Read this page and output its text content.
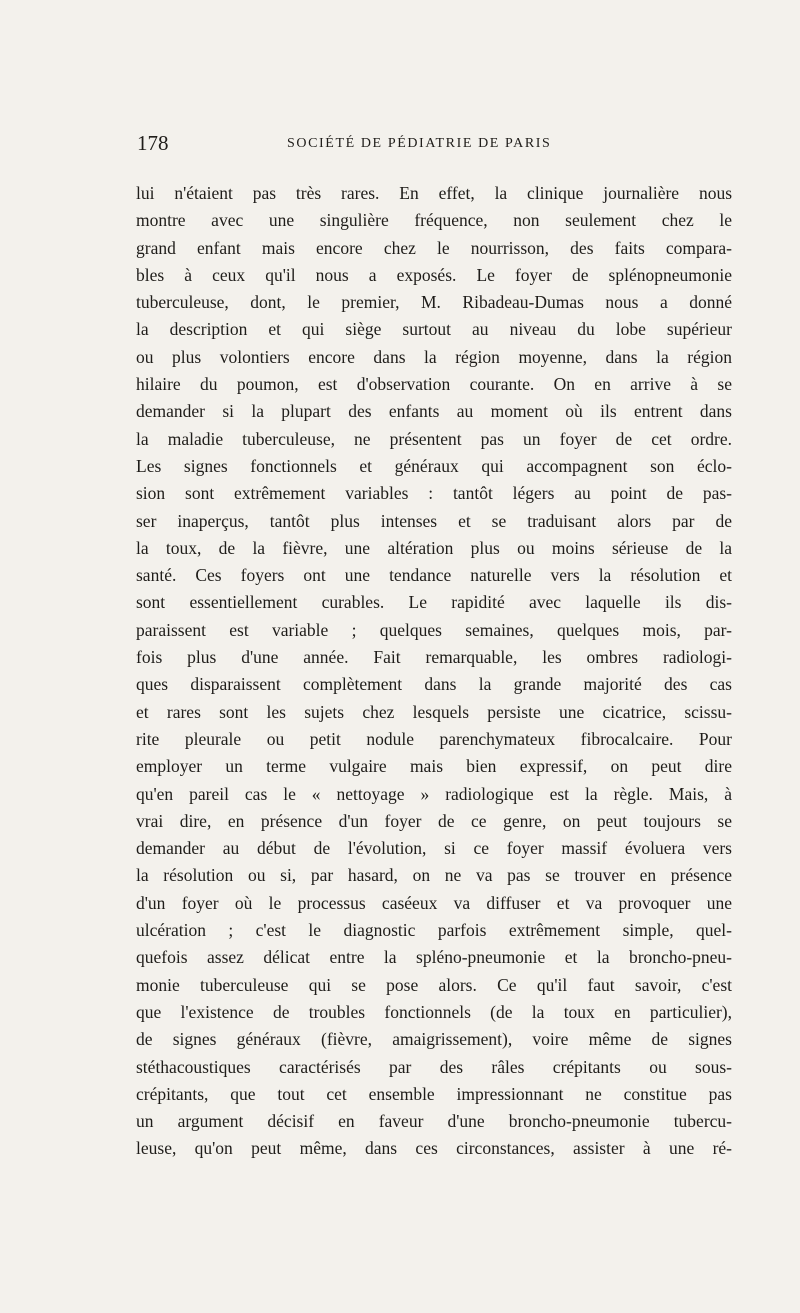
178	SOCIÉTÉ DE PÉDIATRIE DE PARIS
lui n'étaient pas très rares. En effet, la clinique journalière nous
montre avec une singulière fréquence, non seulement chez le
grand enfant mais encore chez le nourrisson, des faits compara-
bles à ceux qu'il nous a exposés. Le foyer de splénopneumonie
tuberculeuse, dont, le premier, M. Ribadeau-Dumas nous a donné
la description et qui siège surtout au niveau du lobe supérieur
ou plus volontiers encore dans la région moyenne, dans la région
hilaire du poumon, est d'observation courante. On en arrive à se
demander si la plupart des enfants au moment où ils entrent dans
la maladie tuberculeuse, ne présentent pas un foyer de cet ordre.
Les signes fonctionnels et généraux qui accompagnent son éclo-
sion sont extrêmement variables : tantôt légers au point de pas-
ser inaperçus, tantôt plus intenses et se traduisant alors par de
la toux, de la fièvre, une altération plus ou moins sérieuse de la
santé. Ces foyers ont une tendance naturelle vers la résolution et
sont essentiellement curables. Le rapidité avec laquelle ils dis-
paraissent est variable ; quelques semaines, quelques mois, par-
fois plus d'une année. Fait remarquable, les ombres radiologi-
ques disparaissent complètement dans la grande majorité des cas
et rares sont les sujets chez lesquels persiste une cicatrice, scissu-
rite pleurale ou petit nodule parenchymateux fibrocalcaire. Pour
employer un terme vulgaire mais bien expressif, on peut dire
qu'en pareil cas le « nettoyage » radiologique est la règle. Mais, à
vrai dire, en présence d'un foyer de ce genre, on peut toujours se
demander au début de l'évolution, si ce foyer massif évoluera vers
la résolution ou si, par hasard, on ne va pas se trouver en présence
d'un foyer où le processus caséeux va diffuser et va provoquer une
ulcération ; c'est le diagnostic parfois extrêmement simple, quel-
quefois assez délicat entre la spléno-pneumonie et la broncho-pneu-
monie tuberculeuse qui se pose alors. Ce qu'il faut savoir, c'est
que l'existence de troubles fonctionnels (de la toux en particulier),
de signes généraux (fièvre, amaigrissement), voire même de signes
stéthacoustiques caractérisés par des râles crépitants ou sous-
crépitants, que tout cet ensemble impressionnant ne constitue pas
un argument décisif en faveur d'une broncho-pneumonie tubercu-
leuse, qu'on peut même, dans ces circonstances, assister à une ré-
